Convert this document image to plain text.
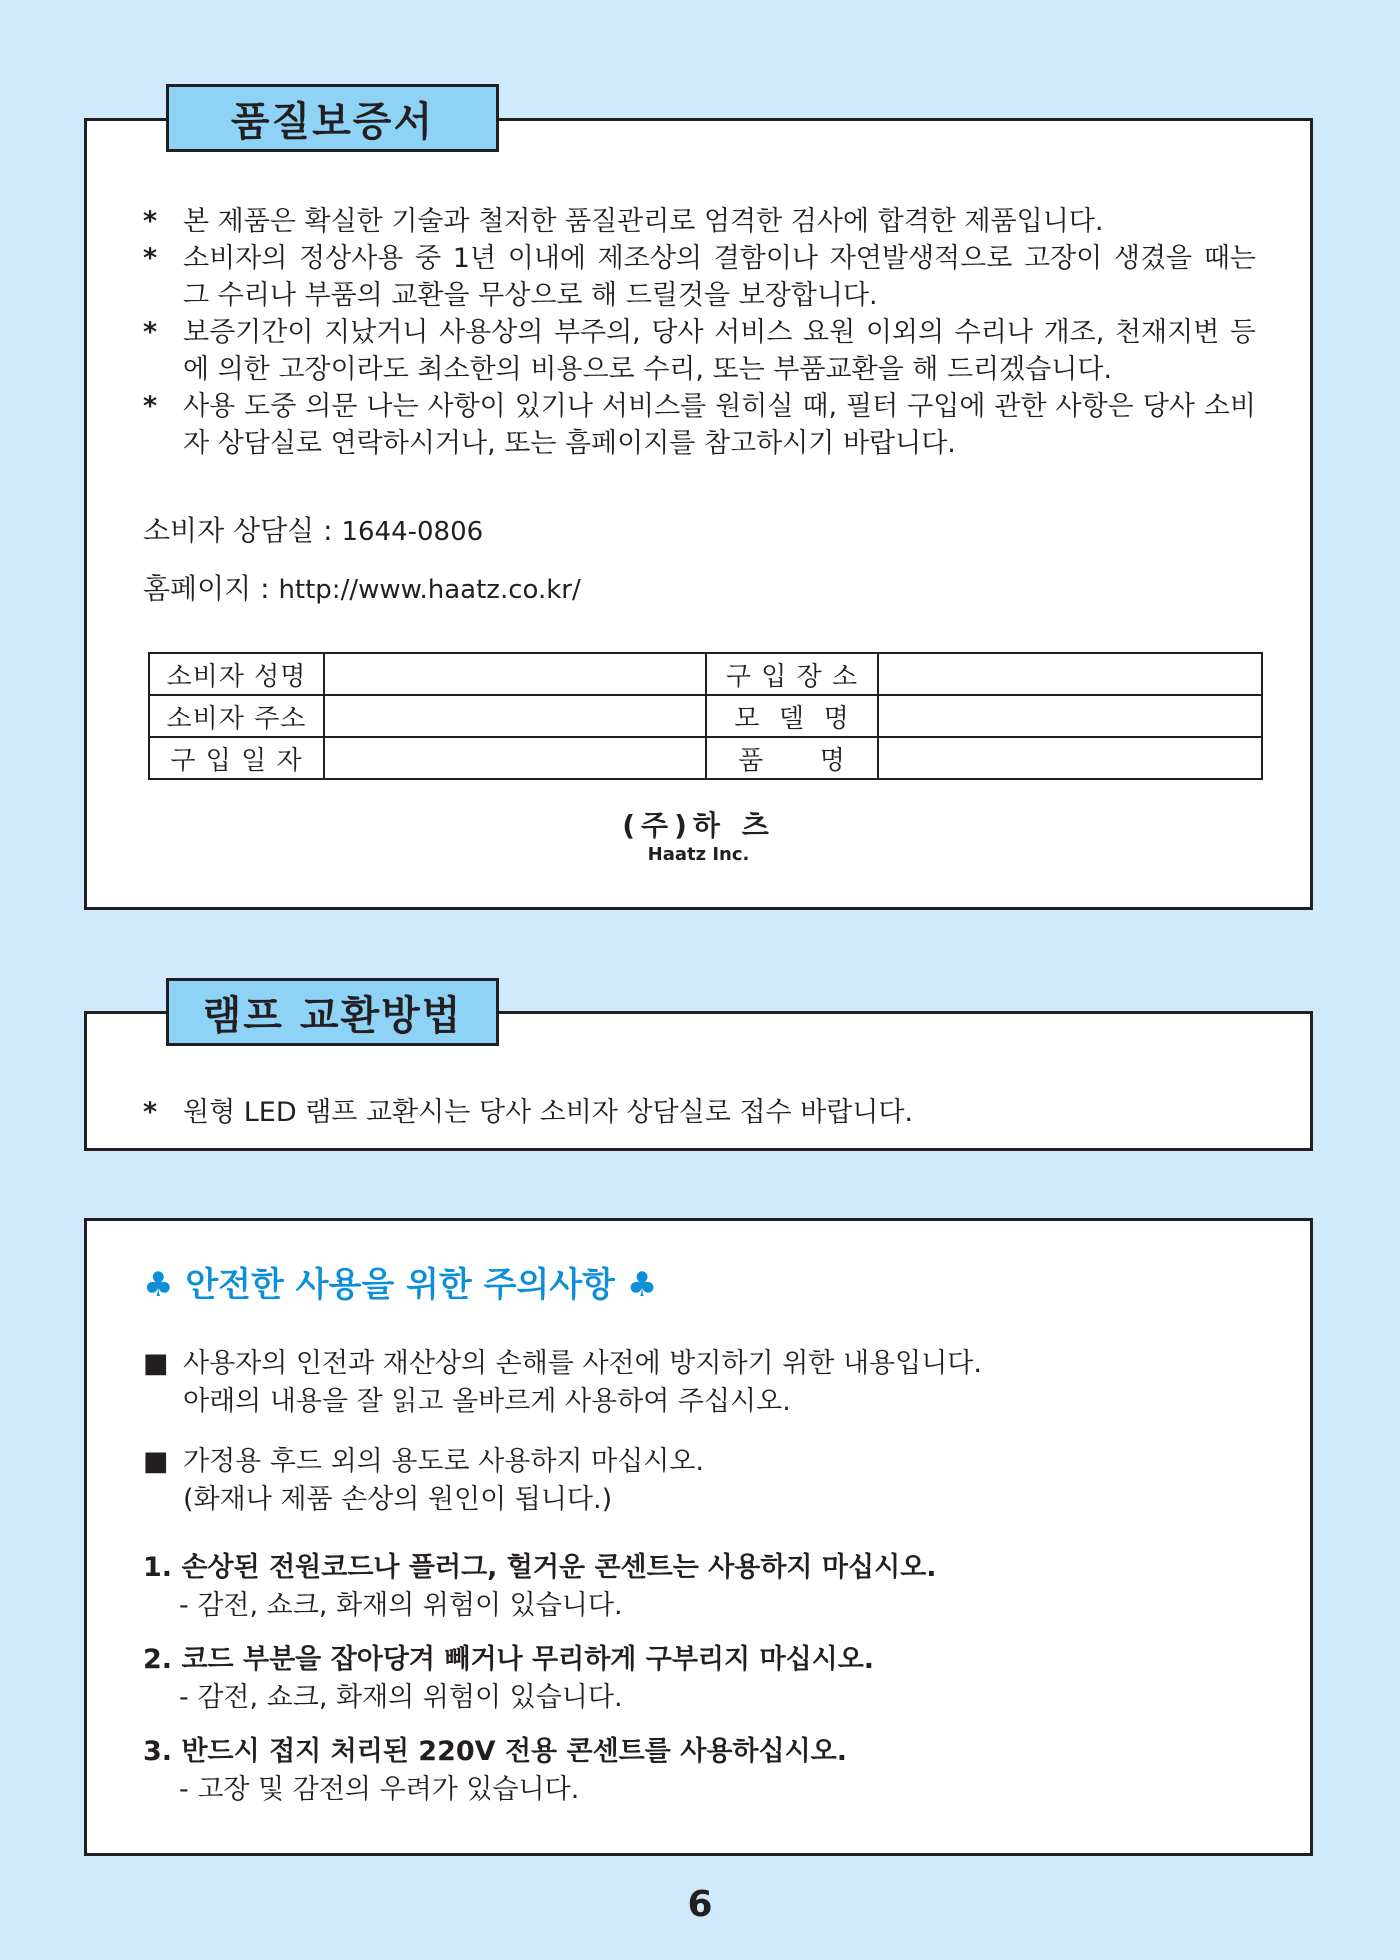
* 본 제품은 확실한 기술과 철저한 품질관리로 엄격한 검사에 합격한 제품입니다.
* 소비자의 정상사용 중 1년 이내에 제조상의 결함이나 자연발생적으로 고장이 생겼을 때는 그 수리나 부품의 교환을 무상으로 해 드릴것을 보장합니다.
* 보증기간이 지났거니 사용상의 부주의, 당사 서비스 요원 이외의 수리나 개조, 천재지변 등에 의한 고장이라도 최소한의 비용으로 수리, 또는 부품교환을 해 드리겠습니다.
* 사용 도중 의문 나는 사항이 있기나 서비스를 원히실 때, 필터 구입에 관한 사항은 당사 소비자 상담실로 연락하시거나, 또는 흠페이지를 참고하시기 바랍니다.
소비자 상담실 : 1644-0806
홈페이지 : http://www.haatz.co.kr/
소비자 성명		구 입 장 소	
소비자 주소		모  델  명	
구 입 일 자		품      명	
(주)하 츠
Haatz Inc.
품질보증서
* 원형 LED 램프 교환시는 당사 소비자 상담실로 접수 바랍니다.
램프 교환방법
♣ 안전한 사용을 위한 주의사항 ♣
■ 사용자의 인전과 재산상의 손해를 사전에 방지하기 위한 내용입니다.
아래의 내용을 잘 읽고 올바르게 사용하여 주십시오.
■ 가정용 후드 외의 용도로 사용하지 마십시오.
(화재나 제품 손상의 원인이 됩니다.)
1. 손상된 전원코드나 플러그, 헐거운 콘센트는 사용하지 마십시오.
- 감전, 쇼크, 화재의 위험이 있습니다.
2. 코드 부분을 잡아당겨 빼거나 무리하게 구부리지 마십시오.
- 감전, 쇼크, 화재의 위험이 있습니다.
3. 반드시 접지 처리된 220V 전용 콘센트를 사용하십시오.
- 고장 및 감전의 우려가 있습니다.
6
